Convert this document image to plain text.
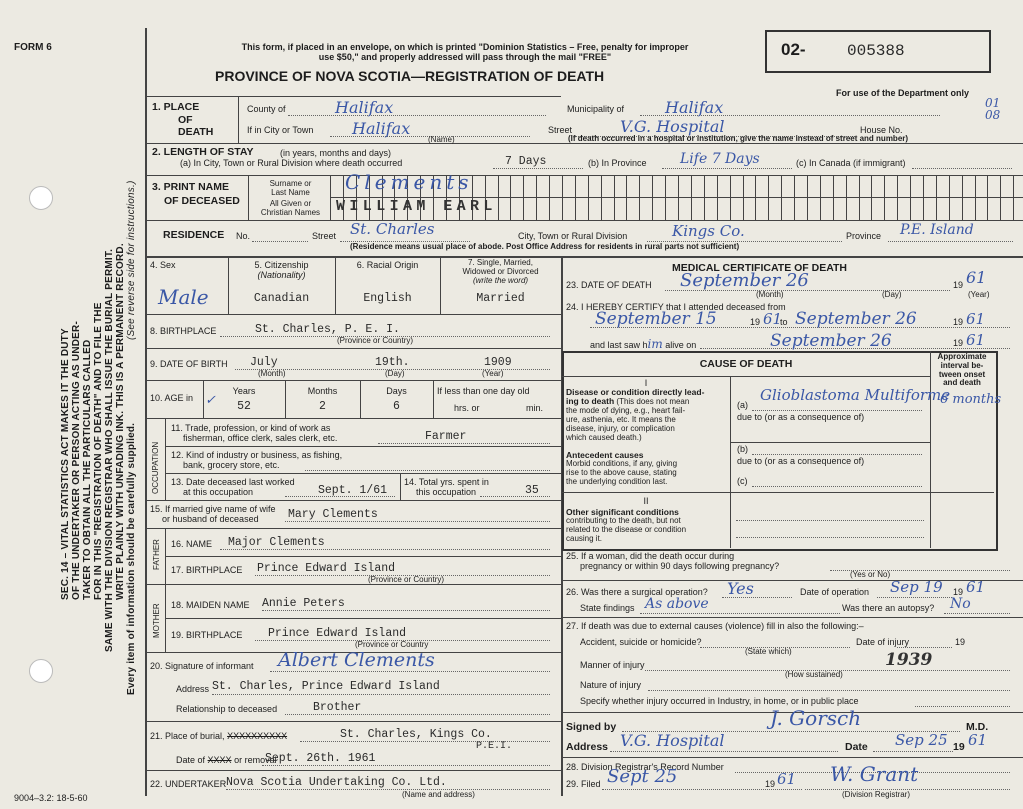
FORM 6	This form, if placed in an envelope, on which is printed "Dominion Statistics – Free, penalty for improper
use $50," and properly addressed will pass through the mail "FREE"
PROVINCE OF NOVA SCOTIA—REGISTRATION OF DEATH
02-	005388
For use of the Department only
01
08
SEC. 14 – VITAL STATISTICS ACT MAKES IT THE DUTY OF THE UNDERTAKER OR PERSON ACTING AS UNDER- TAKER TO OBTAIN ALL THE PARTICULARS CALLED FOR IN THIS "REGISTRATION OF DEATH" AND TO FILE THE SAME WITH THE DIVISION REGISTRAR WHO SHALL ISSUE THE BURIAL PERMIT. WRITE PLAINLY WITH UNFADING INK. THIS IS A PERMANENT RECORD. Every item of information should be carefully supplied.
(See reverse side for instructions.)
1. PLACE
OF
DEATH
County of	Halifax	Municipality of	Halifax
If in City or Town Halifax
(Name)
Street	V.G. Hospital	House No.
(If death occurred in a hospital or institution, give the name instead of street and number)
2. LENGTH OF STAY	(in years, months and days)
(a) In City, Town or Rural Division where death occurred	7 Days	(b) In Province Life 7 Days	(c) In Canada (if immigrant)
3. PRINT NAME
OF DECEASED
Surname or
Last Name
All Given or
Christian Names
Clements
WILLIAM EARL
RESIDENCE No.	Street St. Charles	City, Town or Rural Division	Kings Co.	Province P.E. Island
(Residence means usual place of abode. Post Office Address for residents in rural parts not sufficient)
4. Sex
Male
5. Citizenship
(Nationality)
Canadian
6. Racial Origin
English
7. Single, Married,
Widowed or Divorced
(write the word)
Married
8. BIRTHPLACE	St. Charles, P. E. I.
(Province or Country)
9. DATE OF BIRTH July	19th.	1909
(Month)	(Day)	(Year)
10. AGE in ✓
Years
52
Months
2
Days
6
If less than one day old
hrs. or	min.
OCCUPATION
11. Trade, profession, or kind of work as
fisherman, office clerk, sales clerk, etc.	Farmer
12. Kind of industry or business, as fishing,
bank, grocery store, etc.
13. Date deceased last worked
at this occupation	Sept. 1/61
14. Total yrs. spent in
this occupation	35
15. If married give name of wife
or husband of deceased	Mary Clements
FATHER 16. NAME Major Clements
17. BIRTHPLACE Prince Edward Island
(Province or Country)
MOTHER 18. MAIDEN NAME Annie Peters
19. BIRTHPLACE Prince Edward Island
(Province or Country
20. Signature of informant Albert Clements
Address St. Charles, Prince Edward Island
Relationship to deceased	Brother
21. Place of burial, XXXXXXXXXX	St. Charles, Kings Co.
P.E.I.
Date of XXXX or removal
Sept. 26th. 1961
22. UNDERTAKER Nova Scotia Undertaking Co. Ltd.
(Name and address)
9004–3.2: 18-5-60
MEDICAL CERTIFICATE OF DEATH
23. DATE OF DEATH September 26	19 61
(Month)	(Day)	(Year)
24. I HEREBY CERTIFY that I attended deceased from
September 15	19 61
to September 26	19 61
and last saw him alive on	September 26	19 61
CAUSE OF DEATH
Approximate
interval be-
tween onset
and death
I
Disease or condition directly lead-
ing to death (This does not mean
the mode of dying, e.g., heart fail-
ure, asthenia, etc. It means the
disease, injury, or complication
which caused death.)
(a)
Glioblastoma Multiforme
6 months
due to (or as a consequence of)
Antecedent causes
Morbid conditions, if any, giving
rise to the above cause, stating
the underlying condition last.
(b)
due to (or as a consequence of)
(c)
II
Other significant conditions
contributing to the death, but not
related to the disease or condition
causing it.
25. If a woman, did the death occur during
pregnancy or within 90 days following pregnancy?
(Yes or No)
26. Was there a surgical operation? Yes	Date of operation Sep 19 19 61
State findings As above	Was there an autopsy? No
27. If death was due to external causes (violence) fill in also the following:–
Accident, suicide or homicide?	Date of injury	19
(State which)
Manner of injury	1939
(How sustained)
Nature of injury
Specify whether injury occurred in Industry, in home, or in public place
Signed by	J. Gorsch	M.D.
Address V.G. Hospital	Date Sep 25 19 61
28. Division Registrar's Record Number
29. Filed Sept 25	19 61 W. Grant
(Division Registrar)
